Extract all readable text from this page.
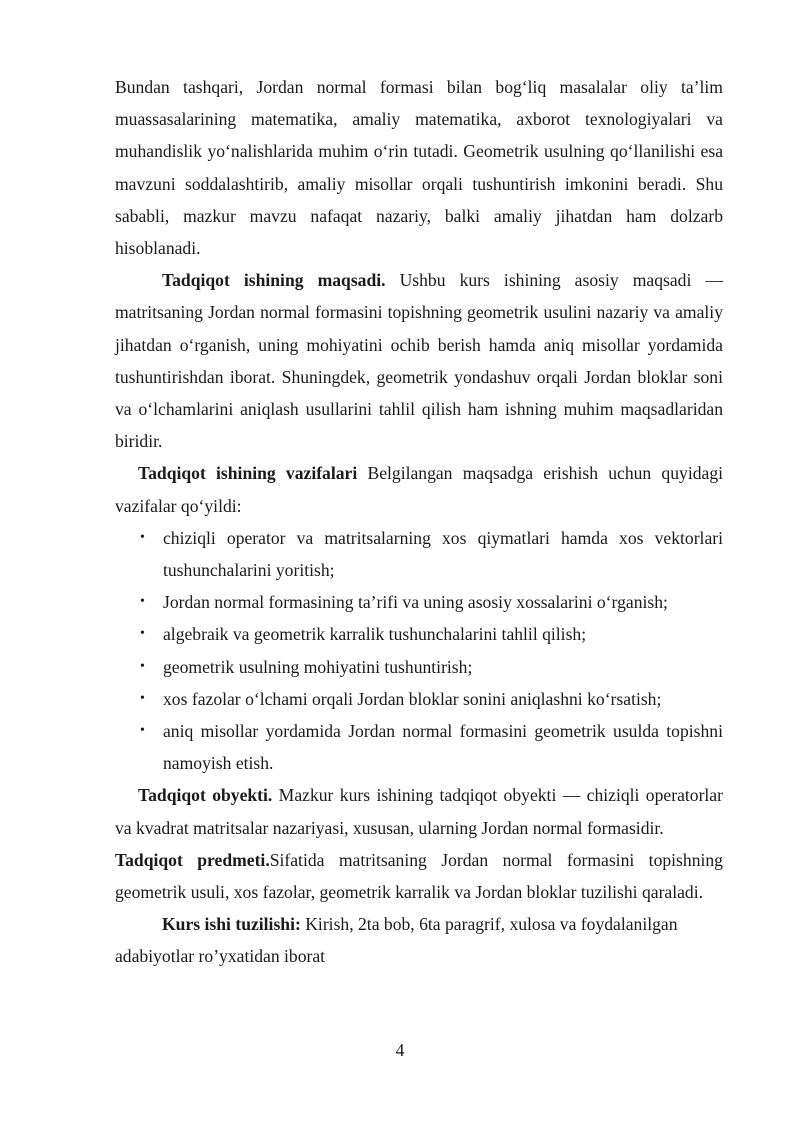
Bundan tashqari, Jordan normal formasi bilan bog‘liq masalalar oliy ta’lim muassasalarining matematika, amaliy matematika, axborot texnologiyalari va muhandislik yo‘nalishlarida muhim o‘rin tutadi. Geometrik usulning qo‘llanilishi esa mavzuni soddalashtirib, amaliy misollar orqali tushuntirish imkonini beradi. Shu sababli, mazkur mavzu nafaqat nazariy, balki amaliy jihatdan ham dolzarb hisoblanadi.

Tadqiqot ishining maqsadi. Ushbu kurs ishining asosiy maqsadi — matritsaning Jordan normal formasini topishning geometrik usulini nazariy va amaliy jihatdan o‘rganish, uning mohiyatini ochib berish hamda aniq misollar yordamida tushuntirishdan iborat. Shuningdek, geometrik yondashuv orqali Jordan bloklar soni va o‘lchamlarini aniqlash usullarini tahlil qilish ham ishning muhim maqsadlaridan biridir.

Tadqiqot ishining vazifalari Belgilangan maqsadga erishish uchun quyidagi vazifalar qo‘yildi:

• chiziqli operator va matritsalarning xos qiymatlari hamda xos vektorlari tushunchalarini yoritish;
• Jordan normal formasining ta’rifi va uning asosiy xossalarini o‘rganish;
• algebraik va geometrik karralik tushunchalarini tahlil qilish;
• geometrik usulning mohiyatini tushuntirish;
• xos fazolar o‘lchami orqali Jordan bloklar sonini aniqlashni ko‘rsatish;
• aniq misollar yordamida Jordan normal formasini geometrik usulda topishni namoyish etish.

Tadqiqot obyekti. Mazkur kurs ishining tadqiqot obyekti — chiziqli operatorlar va kvadrat matritsalar nazariyasi, xususan, ularning Jordan normal formasidir.

Tadqiqot predmeti.Sifatida matritsaning Jordan normal formasini topishning geometrik usuli, xos fazolar, geometrik karralik va Jordan bloklar tuzilishi qaraladi.

Kurs ishi tuzilishi: Kirish, 2ta bob, 6ta paragrif, xulosa va foydalanilgan adabiyotlar ro’yxatidan iborat

4
